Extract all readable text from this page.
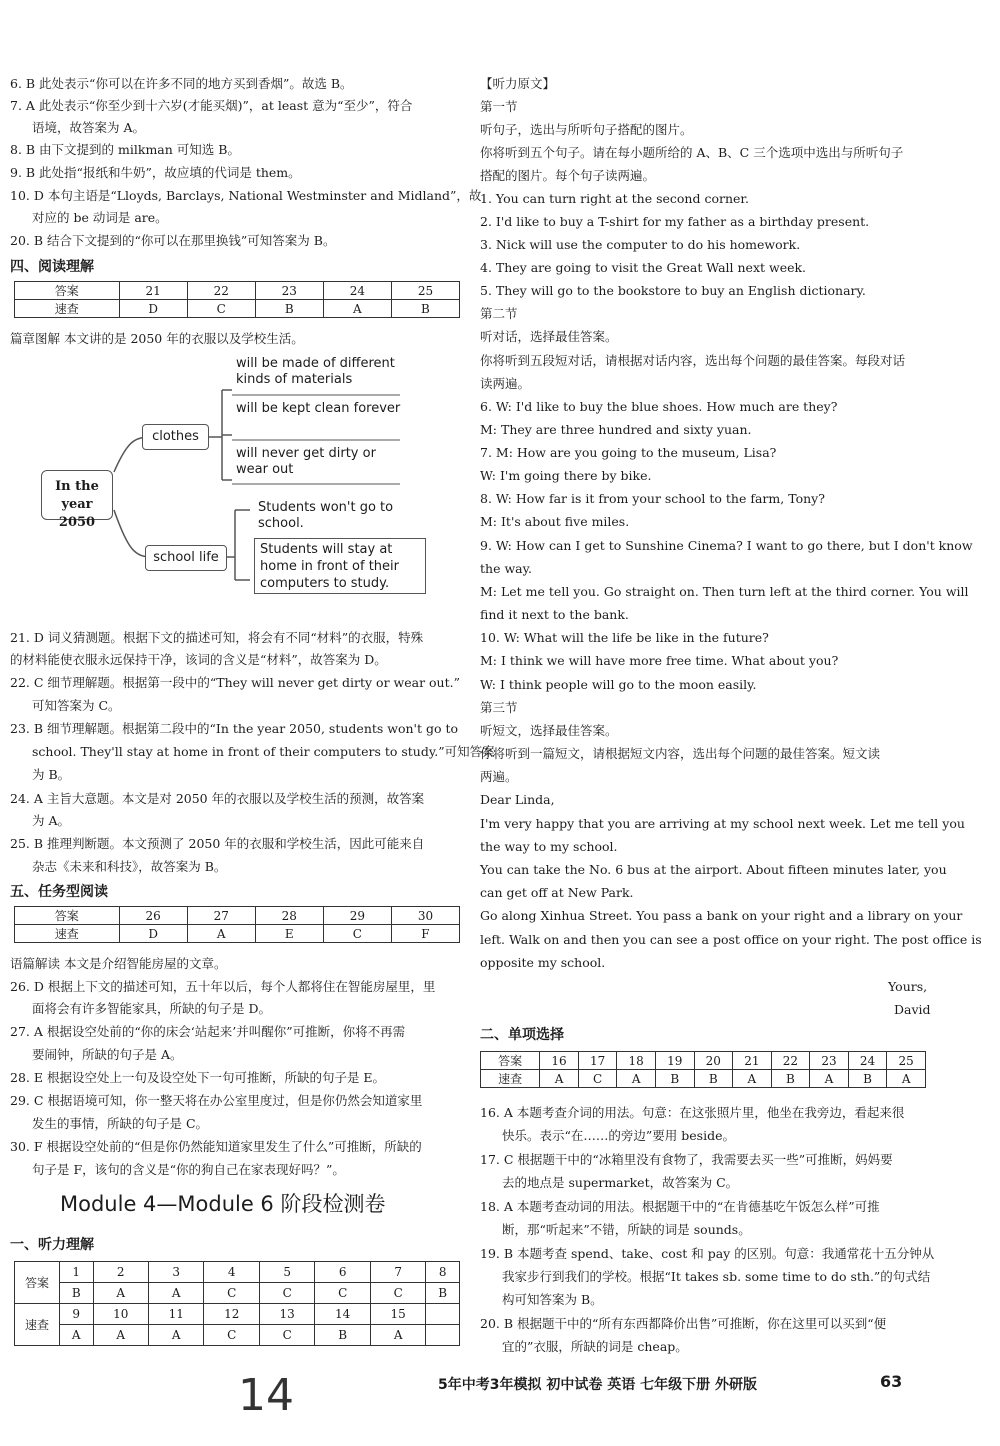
6. B 此处表示“你可以在许多不同的地方买到香烟”。故选 B。
7. A 此处表示“你至少到十六岁(才能买烟)”，at least 意为“至少”，符合
语境，故答案为 A。
8. B 由下文提到的 milkman 可知选 B。
9. B 此处指“报纸和牛奶”，故应填的代词是 them。
10. D 本句主语是“Lloyds, Barclays, National Westminster and Midland”，故
对应的 be 动词是 are。
20. B 结合下文提到的“你可以在那里换钱”可知答案为 B。
四、阅读理解
答案	21	22	23	24	25
速查	D	C	B	A	B
篇章图解 本文讲的是 2050 年的衣服以及学校生活。
In the year 2050
clothes
school life
will be made of different kinds of materials
will be kept clean forever
will never get dirty or wear out
Students won't go to school.
Students will stay at home in front of their computers to study.
21. D 词义猜测题。根据下文的描述可知，将会有不同“材料”的衣服，特殊
的材料能使衣服永远保持干净，该词的含义是“材料”，故答案为 D。
22. C 细节理解题。根据第一段中的“They will never get dirty or wear out.”
可知答案为 C。
23. B 细节理解题。根据第二段中的“In the year 2050, students won't go to
school. They'll stay at home in front of their computers to study.”可知答案
为 B。
24. A 主旨大意题。本文是对 2050 年的衣服以及学校生活的预测，故答案
为 A。
25. B 推理判断题。本文预测了 2050 年的衣服和学校生活，因此可能来自
杂志《未来和科技》，故答案为 B。
五、任务型阅读
答案	26	27	28	29	30
速查	D	A	E	C	F
语篇解读 本文是介绍智能房屋的文章。
26. D 根据上下文的描述可知，五十年以后，每个人都将住在智能房屋里，里
面将会有许多智能家具，所缺的句子是 D。
27. A 根据设空处前的“你的床会‘站起来’并叫醒你”可推断，你将不再需
要闹钟，所缺的句子是 A。
28. E 根据设空处上一句及设空处下一句可推断，所缺的句子是 E。
29. C 根据语境可知，你一整天将在办公室里度过，但是你仍然会知道家里
发生的事情，所缺的句子是 C。
30. F 根据设空处前的“但是你仍然能知道家里发生了什么”可推断，所缺的
句子是 F，该句的含义是“你的狗自己在家表现好吗？”。
Module 4—Module 6 阶段检测卷
一、听力理解
答案	1	2	3	4	5	6	7	8
	B	A	A	C	C	C	C	B
速查	9	10	11	12	13	14	15	
	A	A	A	C	C	B	A	
【听力原文】
第一节
听句子，选出与所听句子搭配的图片。
你将听到五个句子。请在每小题所给的 A、B、C 三个选项中选出与所听句子
搭配的图片。每个句子读两遍。
1. You can turn right at the second corner.
2. I'd like to buy a T-shirt for my father as a birthday present.
3. Nick will use the computer to do his homework.
4. They are going to visit the Great Wall next week.
5. They will go to the bookstore to buy an English dictionary.
第二节
听对话，选择最佳答案。
你将听到五段短对话，请根据对话内容，选出每个问题的最佳答案。每段对话
读两遍。
6. W: I'd like to buy the blue shoes. How much are they?
M: They are three hundred and sixty yuan.
7. M: How are you going to the museum, Lisa?
W: I'm going there by bike.
8. W: How far is it from your school to the farm, Tony?
M: It's about five miles.
9. W: How can I get to Sunshine Cinema? I want to go there, but I don't know
the way.
M: Let me tell you. Go straight on. Then turn left at the third corner. You will
find it next to the bank.
10. W: What will the life be like in the future?
M: I think we will have more free time. What about you?
W: I think people will go to the moon easily.
第三节
听短文，选择最佳答案。
你将听到一篇短文，请根据短文内容，选出每个问题的最佳答案。短文读
两遍。
Dear Linda,
I'm very happy that you are arriving at my school next week. Let me tell you
the way to my school.
You can take the No. 6 bus at the airport. About fifteen minutes later, you
can get off at New Park.
Go along Xinhua Street. You pass a bank on your right and a library on your
left. Walk on and then you can see a post office on your right. The post office is
opposite my school.
Yours,
David
二、单项选择
答案	16	17	18	19	20	21	22	23	24	25
速查	A	C	A	B	B	A	B	A	B	A
16. A 本题考查介词的用法。句意：在这张照片里，他坐在我旁边，看起来很
快乐。表示“在……的旁边”要用 beside。
17. C 根据题干中的“冰箱里没有食物了，我需要去买一些”可推断，妈妈要
去的地点是 supermarket，故答案为 C。
18. A 本题考查动词的用法。根据题干中的“在肯德基吃午饭怎么样”可推
断，那“听起来”不错，所缺的词是 sounds。
19. B 本题考查 spend、take、cost 和 pay 的区别。句意：我通常花十五分钟从
我家步行到我们的学校。根据“It takes sb. some time to do sth.”的句式结
构可知答案为 B。
20. B 根据题干中的“所有东西都降价出售”可推断，你在这里可以买到“便
宜的”衣服，所缺的词是 cheap。
14	5年中考3年模拟 初中试卷 英语 七年级下册 外研版	63
